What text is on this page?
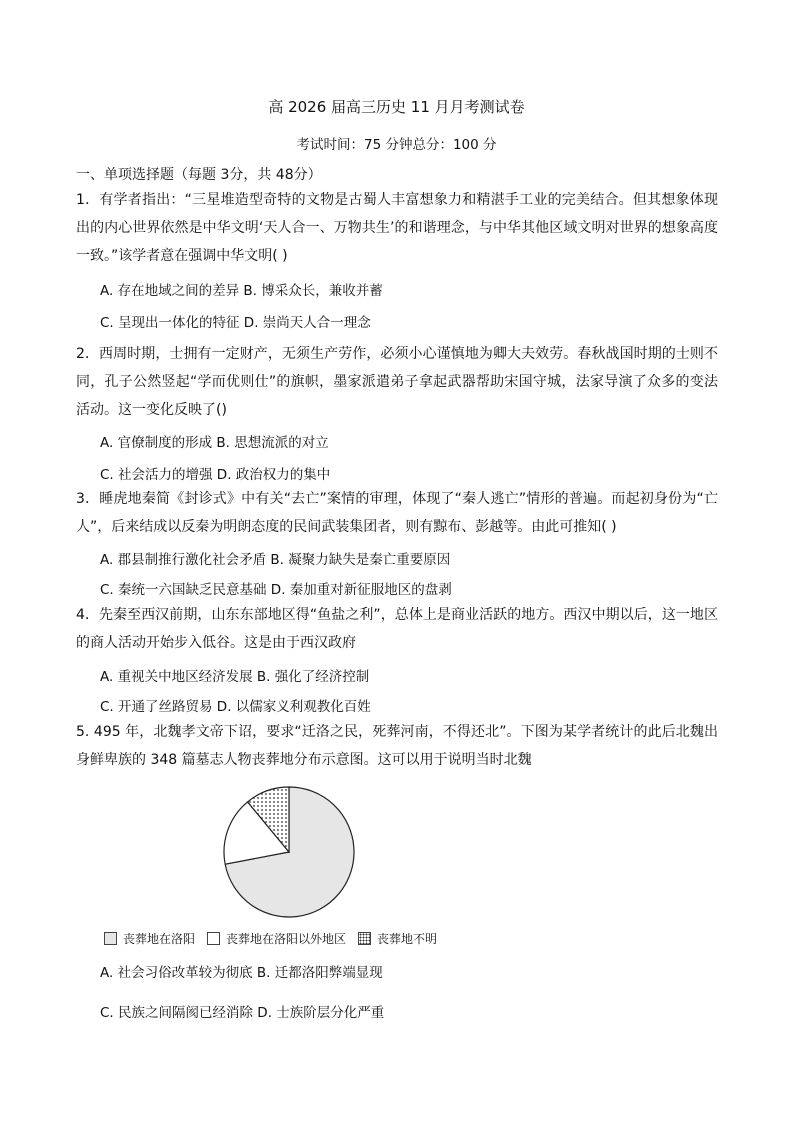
高 2026 届高三历史 11 月月考测试卷
考试时间：75 分钟总分：100 分
一、单项选择题（每题 3分，共 48分）
1．有学者指出：“三星堆造型奇特的文物是古蜀人丰富想象力和精湛手工业的完美结合。但其想象体现出的内心世界依然是中华文明‘天人合一、万物共生’的和谐理念，与中华其他区域文明对世界的想象高度一致。”该学者意在强调中华文明( )
A. 存在地域之间的差异 B. 博采众长，兼收并蓄
C. 呈现出一体化的特征 D. 崇尚天人合一理念
2．西周时期，士拥有一定财产，无须生产劳作，必须小心谨慎地为卿大夫效劳。春秋战国时期的士则不同，孔子公然竖起“学而优则仕”的旗帜，墨家派遣弟子拿起武器帮助宋国守城，法家导演了众多的变法活动。这一变化反映了()
A. 官僚制度的形成 B. 思想流派的对立
C. 社会活力的增强 D. 政治权力的集中
3．睡虎地秦简《封诊式》中有关“去亡”案情的审理，体现了“秦人逃亡”情形的普遍。而起初身份为“亡人”，后来结成以反秦为明朗态度的民间武装集团者，则有黥布、彭越等。由此可推知( )
A. 郡县制推行激化社会矛盾 B. 凝聚力缺失是秦亡重要原因
C. 秦统一六国缺乏民意基础 D. 秦加重对新征服地区的盘剥
4．先秦至西汉前期，山东东部地区得“鱼盐之利”，总体上是商业活跃的地方。西汉中期以后，这一地区的商人活动开始步入低谷。这是由于西汉政府
A. 重视关中地区经济发展 B. 强化了经济控制
C. 开通了丝路贸易 D. 以儒家义利观教化百姓
5. 495 年，北魏孝文帝下诏，要求“迁洛之民，死葬河南，不得还北”。下图为某学者统计的此后北魏出身鲜卑族的 348 篇墓志人物丧葬地分布示意图。这可以用于说明当时北魏
丧葬地在洛阳	丧葬地在洛阳以外地区	丧葬地不明
A. 社会习俗改革较为彻底 B. 迁都洛阳弊端显现
C. 民族之间隔阂已经消除 D. 士族阶层分化严重
